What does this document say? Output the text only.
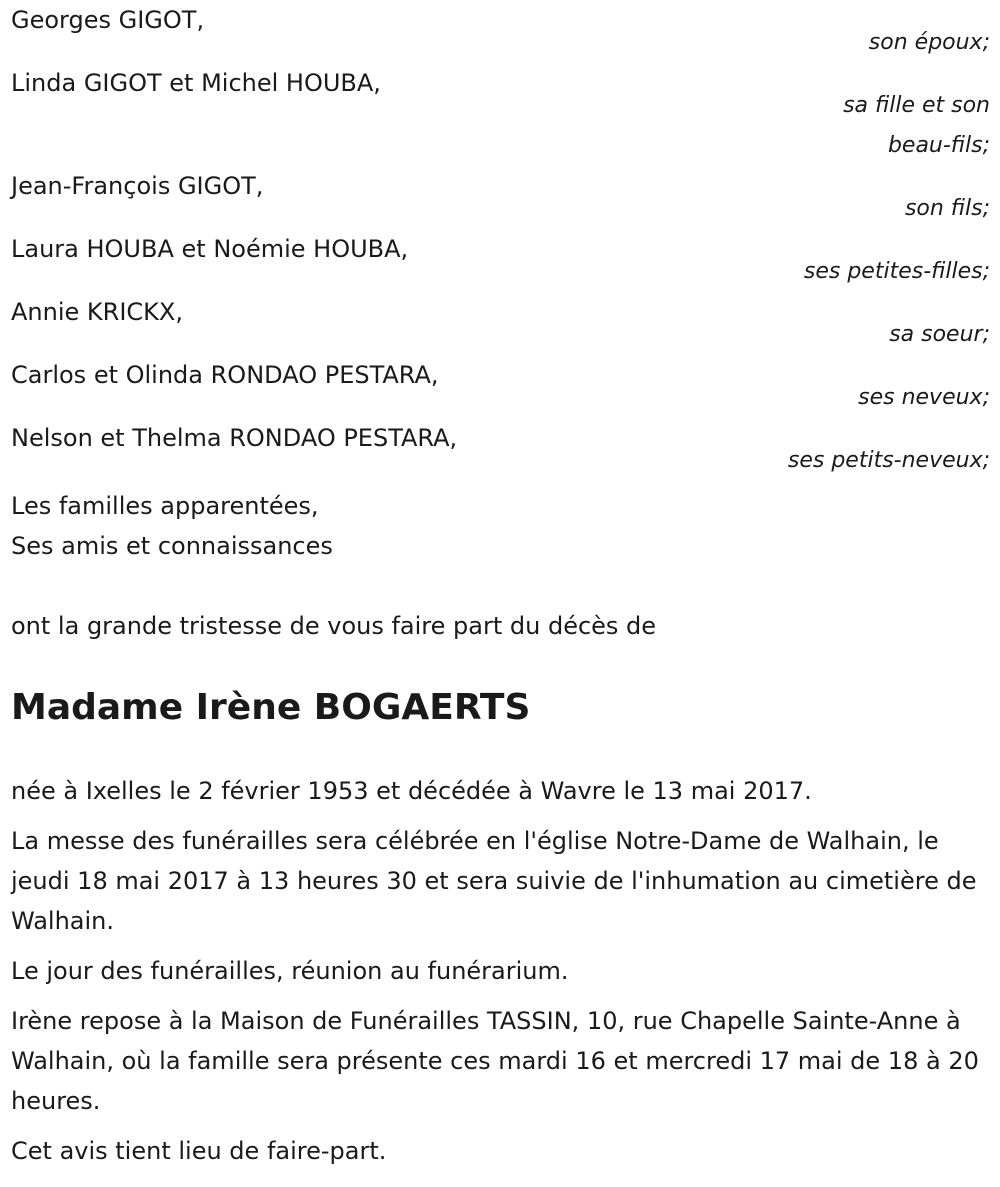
Georges GIGOT,
son époux;
Linda GIGOT et Michel HOUBA,
sa fille et son
beau-fils;
Jean-François GIGOT,
son fils;
Laura HOUBA et Noémie HOUBA,
ses petites-filles;
Annie KRICKX,
sa soeur;
Carlos et Olinda RONDAO PESTARA,
ses neveux;
Nelson et Thelma RONDAO PESTARA,
ses petits-neveux;
Les familles apparentées,
Ses amis et connaissances
ont la grande tristesse de vous faire part du décès de
Madame Irène BOGAERTS

née à Ixelles le 2 février 1953 et décédée à Wavre le 13 mai 2017.

La messe des funérailles sera célébrée en l'église Notre-Dame de Walhain, le jeudi 18 mai 2017 à 13 heures 30 et sera suivie de l'inhumation au cimetière de Walhain.

Le jour des funérailles, réunion au funérarium.

Irène repose à la Maison de Funérailles TASSIN, 10, rue Chapelle Sainte-Anne à Walhain, où la famille sera présente ces mardi 16 et mercredi 17 mai de 18 à 20 heures.

Cet avis tient lieu de faire-part.
